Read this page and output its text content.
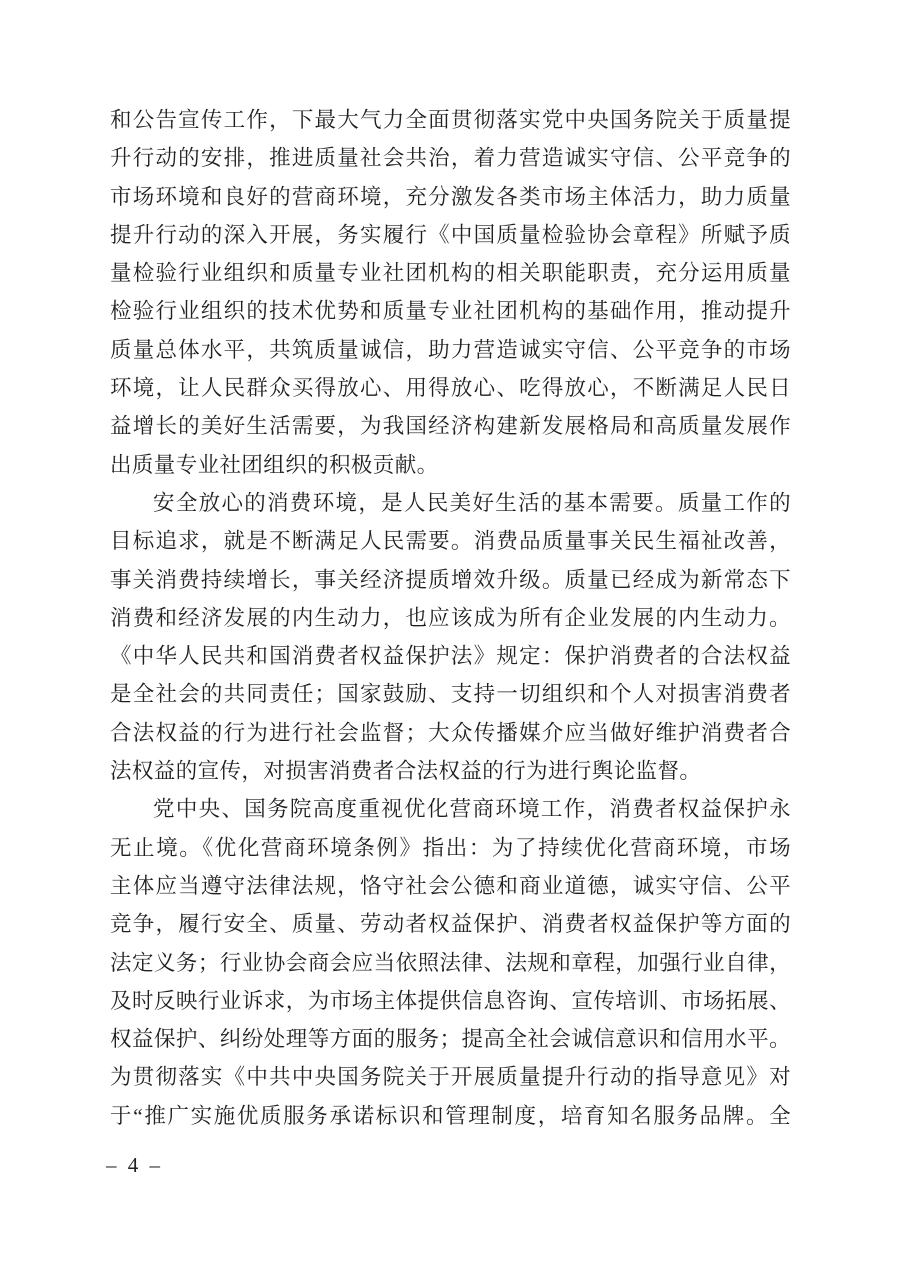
和公告宣传工作，下最大气力全面贯彻落实党中央国务院关于质量提
升行动的安排，推进质量社会共治，着力营造诚实守信、公平竞争的
市场环境和良好的营商环境，充分激发各类市场主体活力，助力质量
提升行动的深入开展，务实履行《中国质量检验协会章程》所赋予质
量检验行业组织和质量专业社团机构的相关职能职责，充分运用质量
检验行业组织的技术优势和质量专业社团机构的基础作用，推动提升
质量总体水平，共筑质量诚信，助力营造诚实守信、公平竞争的市场
环境，让人民群众买得放心、用得放心、吃得放心，不断满足人民日
益增长的美好生活需要，为我国经济构建新发展格局和高质量发展作
出质量专业社团组织的积极贡献。
安全放心的消费环境，是人民美好生活的基本需要。质量工作的
目标追求，就是不断满足人民需要。消费品质量事关民生福祉改善，
事关消费持续增长，事关经济提质增效升级。质量已经成为新常态下
消费和经济发展的内生动力，也应该成为所有企业发展的内生动力。
《中华人民共和国消费者权益保护法》规定：保护消费者的合法权益
是全社会的共同责任；国家鼓励、支持一切组织和个人对损害消费者
合法权益的行为进行社会监督；大众传播媒介应当做好维护消费者合
法权益的宣传，对损害消费者合法权益的行为进行舆论监督。
党中央、国务院高度重视优化营商环境工作，消费者权益保护永
无止境。《优化营商环境条例》指出：为了持续优化营商环境，市场
主体应当遵守法律法规，恪守社会公德和商业道德，诚实守信、公平
竞争，履行安全、质量、劳动者权益保护、消费者权益保护等方面的
法定义务；行业协会商会应当依照法律、法规和章程，加强行业自律，
及时反映行业诉求，为市场主体提供信息咨询、宣传培训、市场拓展、
权益保护、纠纷处理等方面的服务；提高全社会诚信意识和信用水平。
为贯彻落实《中共中央国务院关于开展质量提升行动的指导意见》对
于“推广实施优质服务承诺标识和管理制度，培育知名服务品牌。全
– 4 –
